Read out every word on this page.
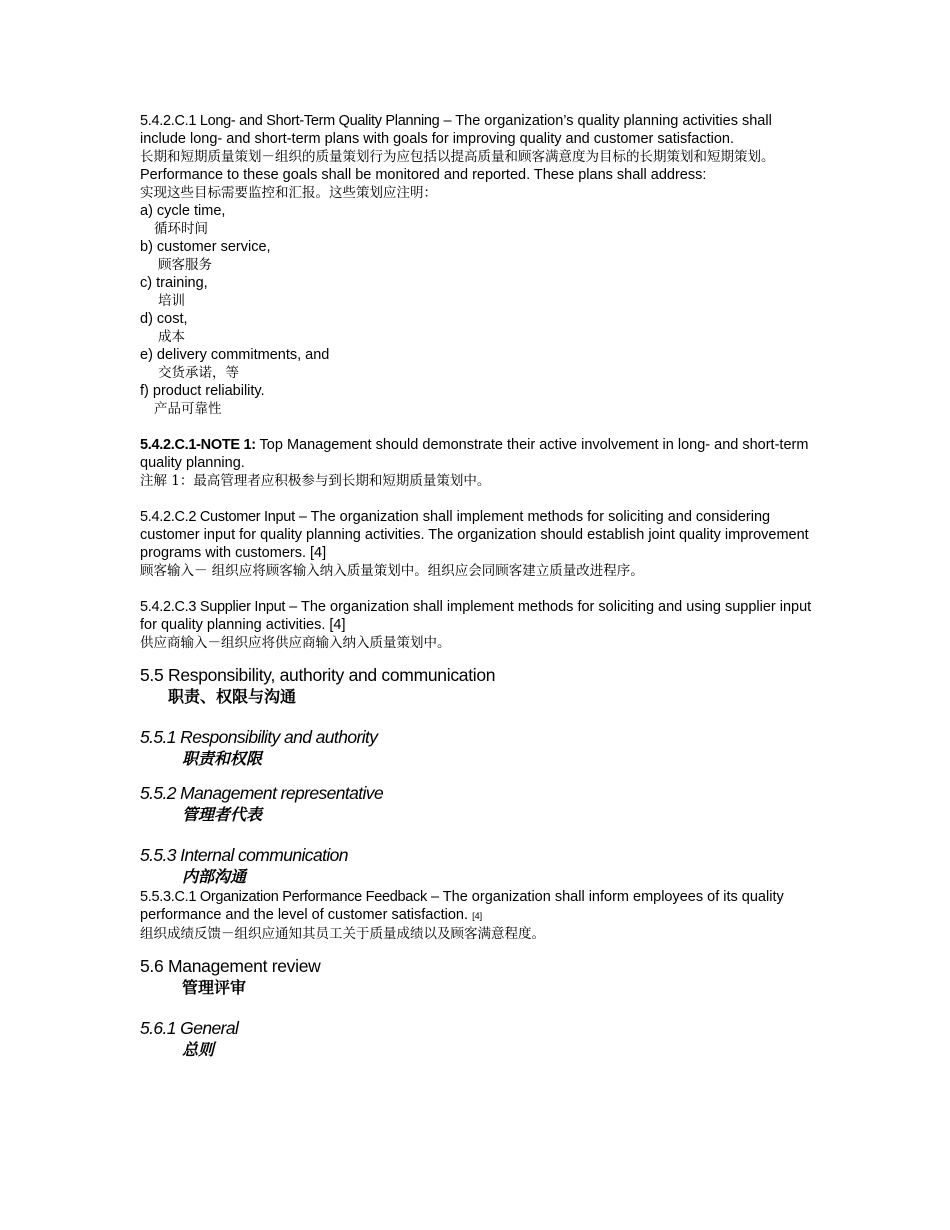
5.4.2.C.1 Long- and Short-Term Quality Planning – The organization’s quality planning activities shall include long- and short-term plans with goals for improving quality and customer satisfaction.

长期和短期质量策划－组织的质量策划行为应包括以提高质量和顾客满意度为目标的长期策划和短期策划。

Performance to these goals shall be monitored and reported. These plans shall address:

实现这些目标需要监控和汇报。这些策划应注明：

a) cycle time,

循环时间

b) customer service,

顾客服务

c) training,

培训

d) cost,

成本

e) delivery commitments, and

交货承诺，等

f) product reliability.

产品可靠性

5.4.2.C.1-NOTE 1: Top Management should demonstrate their active involvement in long- and short-term quality planning.

注解 1：最高管理者应积极参与到长期和短期质量策划中。

5.4.2.C.2 Customer Input – The organization shall implement methods for soliciting and considering customer input for quality planning activities. The organization should establish joint quality improvement programs with customers. [4]

顾客输入－ 组织应将顾客输入纳入质量策划中。组织应会同顾客建立质量改进程序。

5.4.2.C.3 Supplier Input – The organization shall implement methods for soliciting and using supplier input for quality planning activities. [4]

供应商输入－组织应将供应商输入纳入质量策划中。

5.5 Responsibility, authority and communication

职责、权限与沟通

5.5.1 Responsibility and authority

职责和权限

5.5.2 Management representative

管理者代表

5.5.3 Internal communication

内部沟通

5.5.3.C.1 Organization Performance Feedback – The organization shall inform employees of its quality performance and the level of customer satisfaction. [4]

组织成绩反馈－组织应通知其员工关于质量成绩以及顾客满意程度。

5.6 Management review

管理评审

5.6.1 General

总则
